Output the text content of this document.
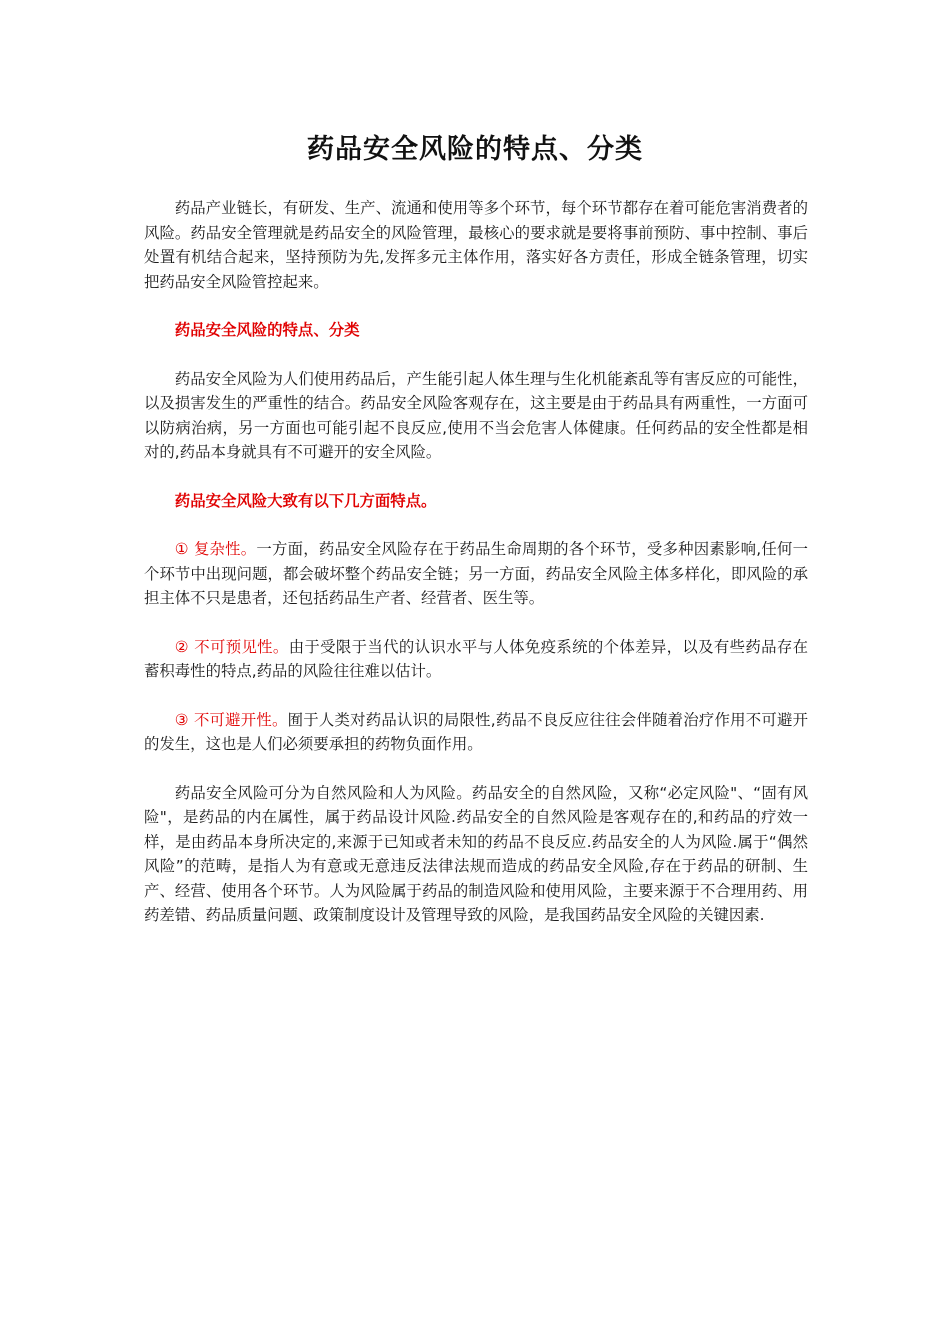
药品安全风险的特点、分类

药品产业链长，有研发、生产、流通和使用等多个环节，每个环节都存在着可能危害消费者的风险。药品安全管理就是药品安全的风险管理，最核心的要求就是要将事前预防、事中控制、事后处置有机结合起来，坚持预防为先,发挥多元主体作用，落实好各方责任，形成全链条管理，切实把药品安全风险管控起来。

药品安全风险的特点、分类

药品安全风险为人们使用药品后，产生能引起人体生理与生化机能紊乱等有害反应的可能性，以及损害发生的严重性的结合。药品安全风险客观存在，这主要是由于药品具有两重性，一方面可以防病治病，另一方面也可能引起不良反应,使用不当会危害人体健康。任何药品的安全性都是相对的,药品本身就具有不可避开的安全风险。

药品安全风险大致有以下几方面特点。

① 复杂性。一方面，药品安全风险存在于药品生命周期的各个环节，受多种因素影响,任何一个环节中出现问题，都会破坏整个药品安全链；另一方面，药品安全风险主体多样化，即风险的承担主体不只是患者，还包括药品生产者、经营者、医生等。

② 不可预见性。由于受限于当代的认识水平与人体免疫系统的个体差异，以及有些药品存在蓄积毒性的特点,药品的风险往往难以估计。

③ 不可避开性。囿于人类对药品认识的局限性,药品不良反应往往会伴随着治疗作用不可避开的发生，这也是人们必须要承担的药物负面作用。

药品安全风险可分为自然风险和人为风险。药品安全的自然风险，又称“必定风险"、“固有风险"，是药品的内在属性，属于药品设计风险.药品安全的自然风险是客观存在的,和药品的疗效一样，是由药品本身所决定的,来源于已知或者未知的药品不良反应.药品安全的人为风险.属于“偶然风险”的范畴，是指人为有意或无意违反法律法规而造成的药品安全风险,存在于药品的研制、生产、经营、使用各个环节。人为风险属于药品的制造风险和使用风险，主要来源于不合理用药、用药差错、药品质量问题、政策制度设计及管理导致的风险，是我国药品安全风险的关键因素.
